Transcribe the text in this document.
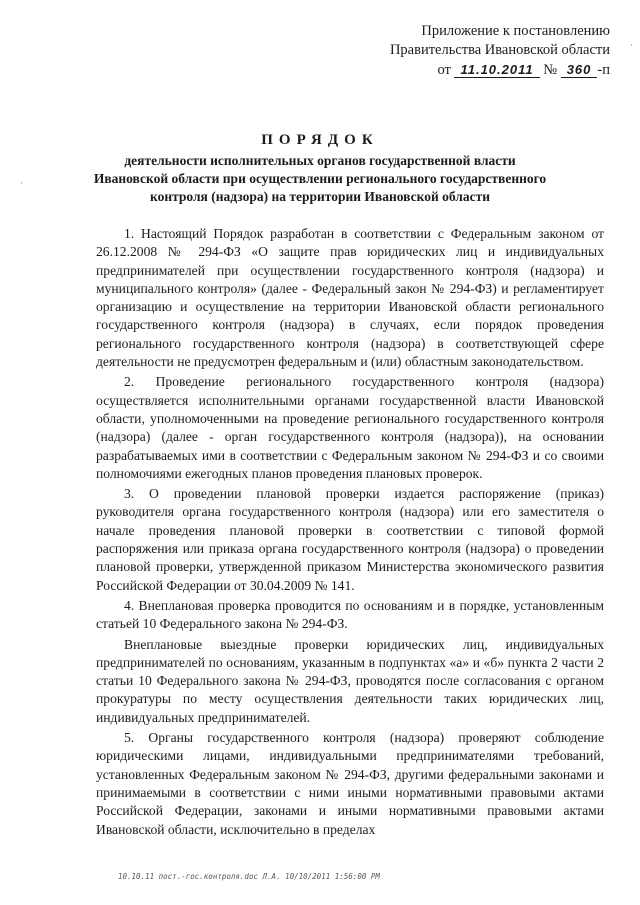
Приложение к постановлению
Правительства Ивановской области
от 11.10.2011 № 360 -п
ПОРЯДОК
деятельности исполнительных органов государственной власти Ивановской области при осуществлении регионального государственного контроля (надзора) на территории Ивановской области

1. Настоящий Порядок разработан в соответствии с Федеральным законом от 26.12.2008 № 294-ФЗ «О защите прав юридических лиц и индивидуальных предпринимателей при осуществлении государственного контроля (надзора) и муниципального контроля» (далее - Федеральный закон № 294-ФЗ) и регламентирует организацию и осуществление на территории Ивановской области регионального государственного контроля (надзора) в случаях, если порядок проведения регионального государственного контроля (надзора) в соответствующей сфере деятельности не предусмотрен федеральным и (или) областным законодательством.

2. Проведение регионального государственного контроля (надзора) осуществляется исполнительными органами государственной власти Ивановской области, уполномоченными на проведение регионального государственного контроля (надзора) (далее - орган государственного контроля (надзора)), на основании разрабатываемых ими в соответствии с Федеральным законом № 294-ФЗ и со своими полномочиями ежегодных планов проведения плановых проверок.

3. О проведении плановой проверки издается распоряжение (приказ) руководителя органа государственного контроля (надзора) или его заместителя о начале проведения плановой проверки в соответствии с типовой формой распоряжения или приказа органа государственного контроля (надзора) о проведении плановой проверки, утвержденной приказом Министерства экономического развития Российской Федерации от 30.04.2009 № 141.

4. Внеплановая проверка проводится по основаниям и в порядке, установленным статьей 10 Федерального закона № 294-ФЗ.

Внеплановые выездные проверки юридических лиц, индивидуальных предпринимателей по основаниям, указанным в подпунктах «а» и «б» пункта 2 части 2 статьи 10 Федерального закона № 294-ФЗ, проводятся после согласования с органом прокуратуры по месту осуществления деятельности таких юридических лиц, индивидуальных предпринимателей.

5. Органы государственного контроля (надзора) проверяют соблюдение юридическими лицами, индивидуальными предпринимателями требований, установленных Федеральным законом № 294-ФЗ, другими федеральными законами и принимаемыми в соответствии с ними иными нормативными правовыми актами Российской Федерации, законами и иными нормативными правовыми актами Ивановской области, исключительно в пределах

10.10.11 пост.-гос.контроля.doc Л.А. 10/10/2011 1:56:00 PM
·
·
